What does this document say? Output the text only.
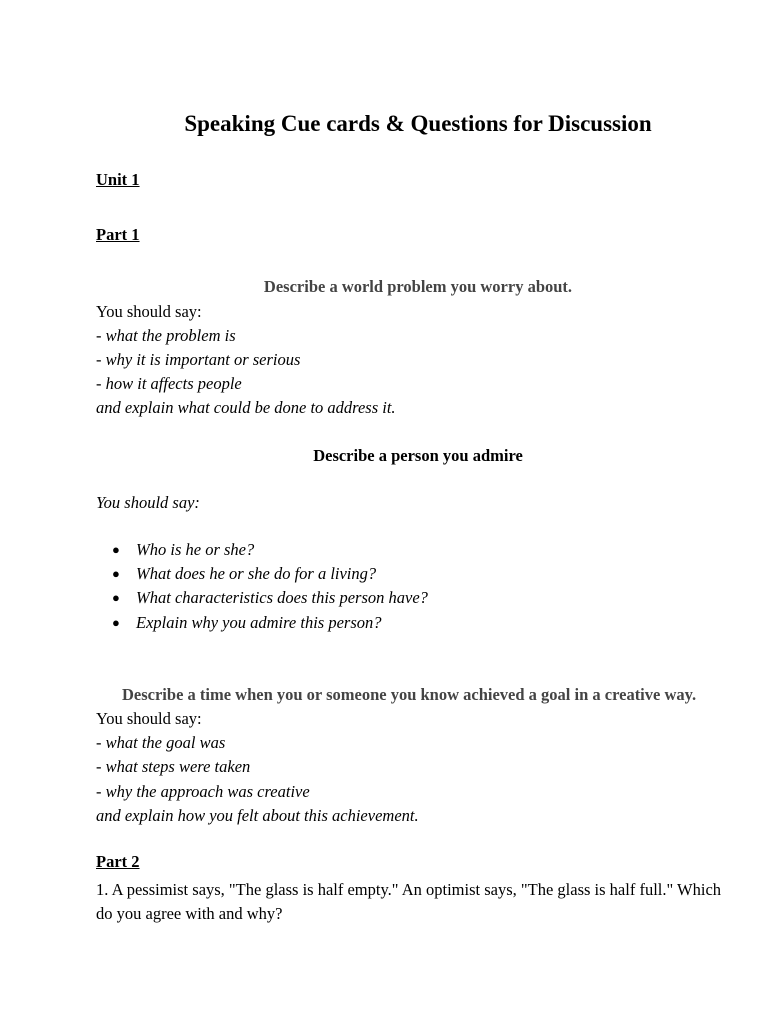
Speaking Cue cards & Questions for Discussion

Unit 1

Part 1

Describe a world problem you worry about.

You should say:

- what the problem is

- why it is important or serious

- how it affects people

and explain what could be done to address it.

Describe a person you admire

You should say:

● Who is he or she?
● What does he or she do for a living?
● What characteristics does this person have?
● Explain why you admire this person?

Describe a time when you or someone you know achieved a goal in a creative way.

You should say:

- what the goal was

- what steps were taken

- why the approach was creative

and explain how you felt about this achievement.

Part 2

1. A pessimist says, "The glass is half empty." An optimist says, "The glass is half full." Which do you agree with and why?
